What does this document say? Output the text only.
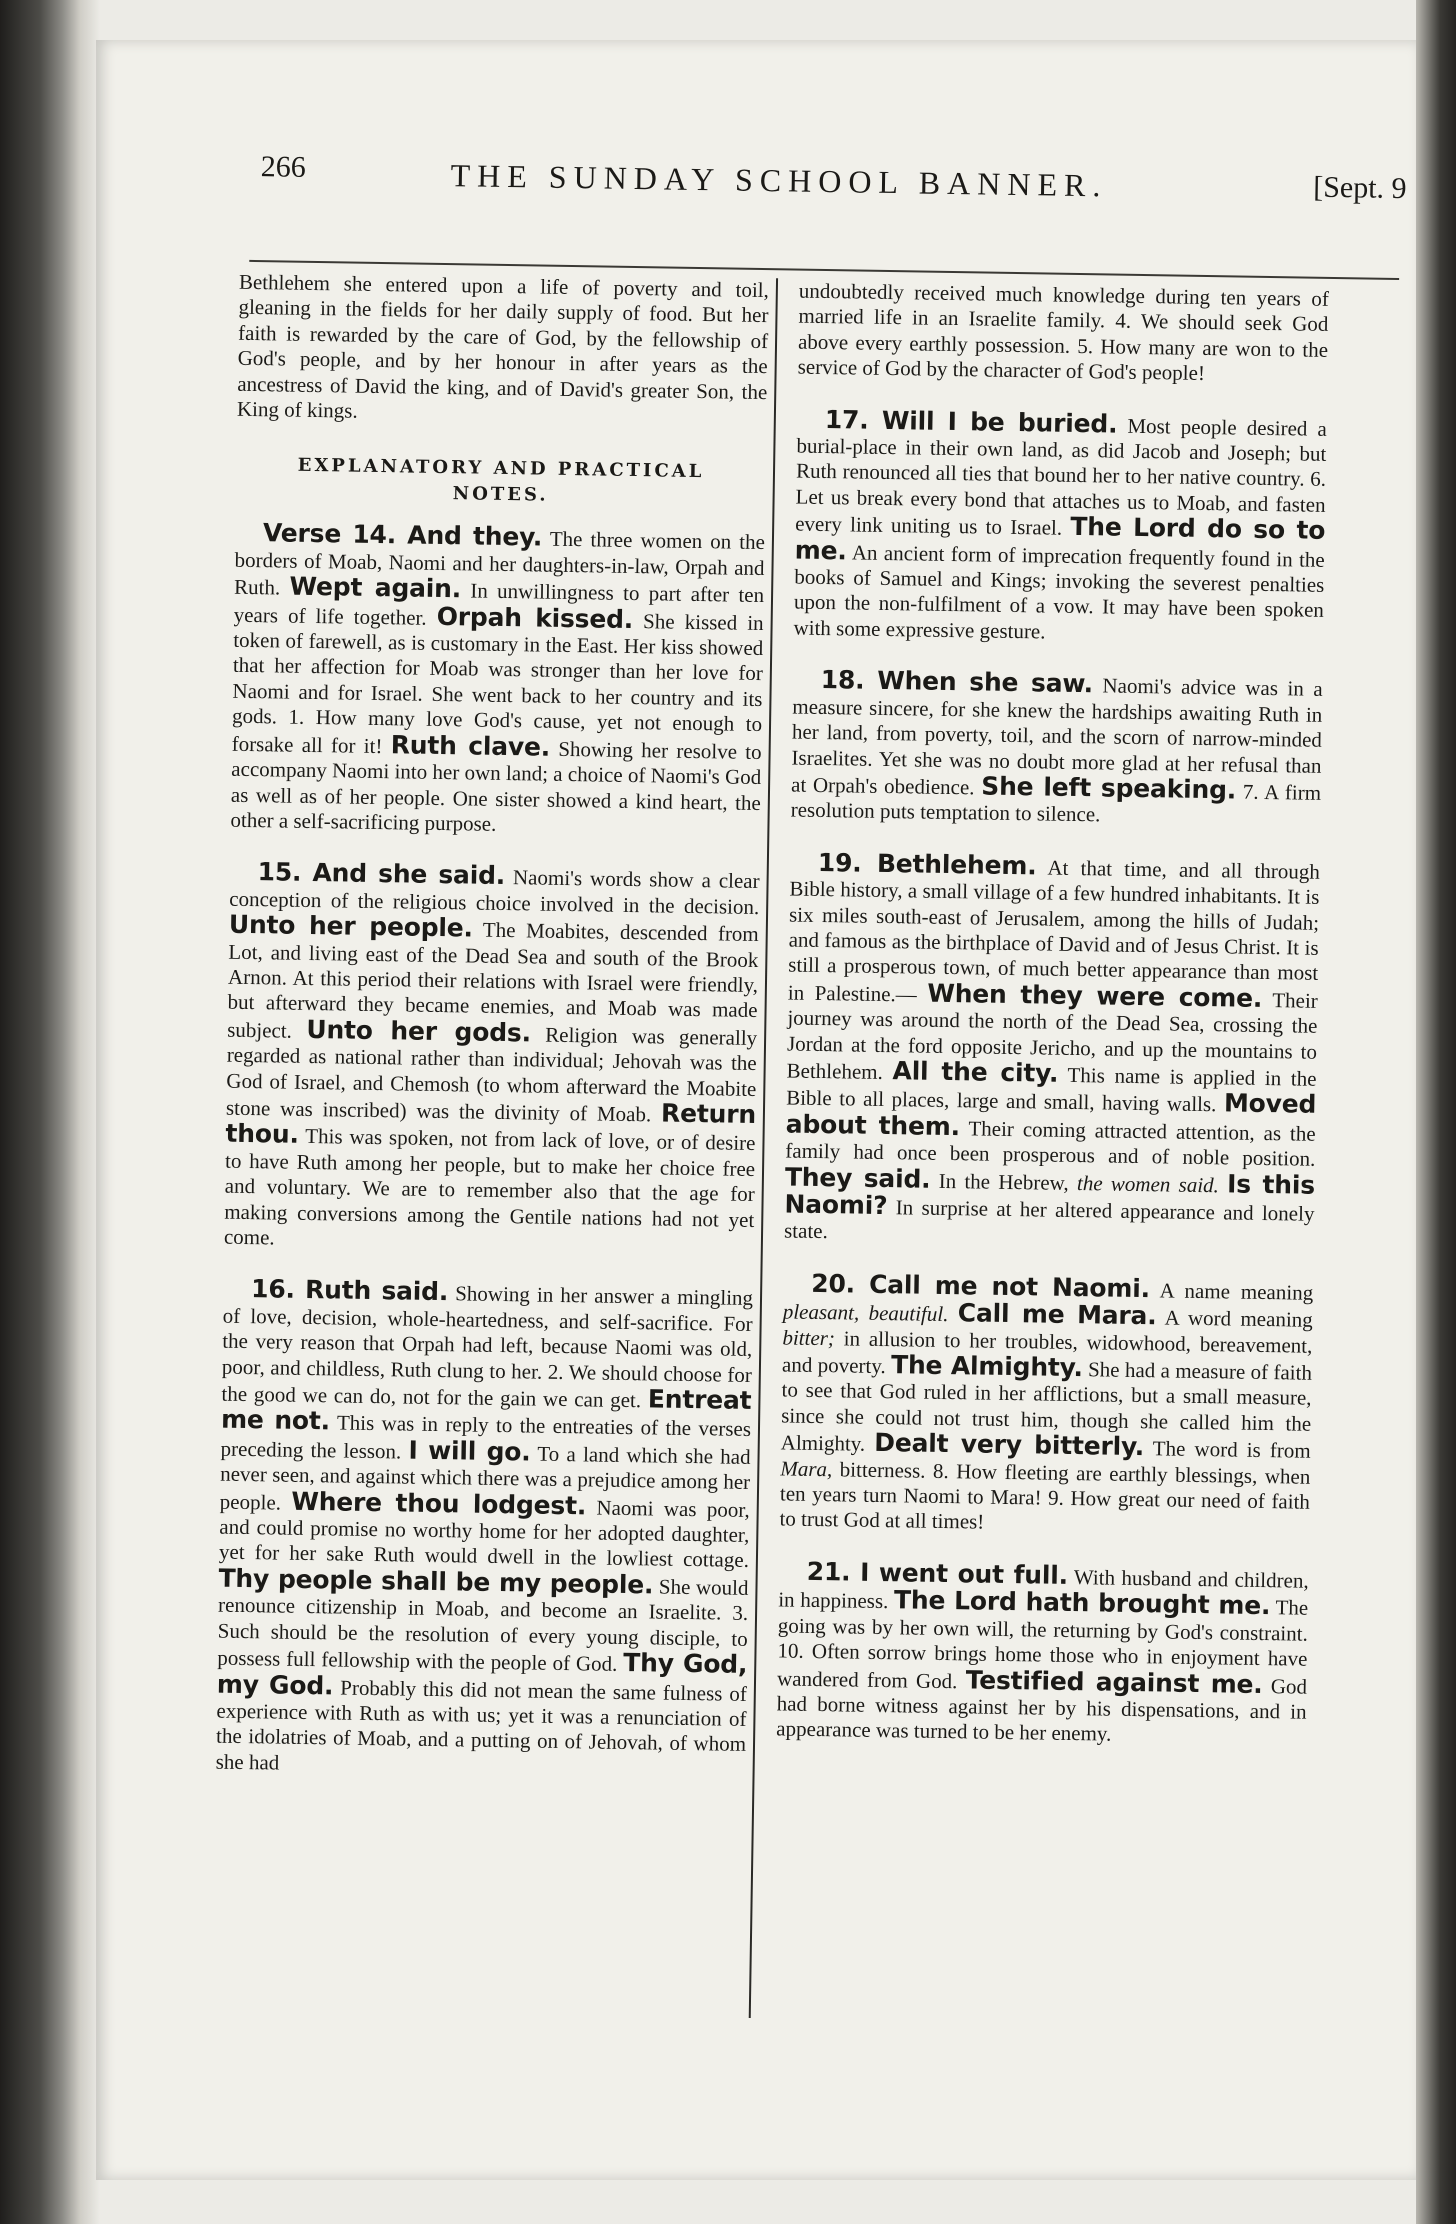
266	THE SUNDAY SCHOOL BANNER.	[Sept. 9

Bethlehem she entered upon a life of poverty and toil, gleaning in the fields for her daily supply of food. But her faith is rewarded by the care of God, by the fellowship of God's people, and by her honour in after years as the ancestress of David the king, and of David's greater Son, the King of kings.

EXPLANATORY AND PRACTICAL
NOTES.

Verse 14. And they. The three women on the borders of Moab, Naomi and her daughters-in-law, Orpah and Ruth. Wept again. In unwillingness to part after ten years of life together. Orpah kissed. She kissed in token of farewell, as is customary in the East. Her kiss showed that her affection for Moab was stronger than her love for Naomi and for Israel. She went back to her country and its gods. 1. How many love God's cause, yet not enough to forsake all for it! Ruth clave. Showing her resolve to accompany Naomi into her own land; a choice of Naomi's God as well as of her people. One sister showed a kind heart, the other a self-sacrificing purpose.

15. And she said. Naomi's words show a clear conception of the religious choice involved in the decision. Unto her people. The Moabites, descended from Lot, and living east of the Dead Sea and south of the Brook Arnon. At this period their relations with Israel were friendly, but afterward they became enemies, and Moab was made subject. Unto her gods. Religion was generally regarded as national rather than individual; Jehovah was the God of Israel, and Chemosh (to whom afterward the Moabite stone was inscribed) was the divinity of Moab. Return thou. This was spoken, not from lack of love, or of desire to have Ruth among her people, but to make her choice free and voluntary. We are to remember also that the age for making conversions among the Gentile nations had not yet come.

16. Ruth said. Showing in her answer a mingling of love, decision, whole-heartedness, and self-sacrifice. For the very reason that Orpah had left, because Naomi was old, poor, and childless, Ruth clung to her. 2. We should choose for the good we can do, not for the gain we can get. Entreat me not. This was in reply to the entreaties of the verses preceding the lesson. I will go. To a land which she had never seen, and against which there was a prejudice among her people. Where thou lodgest. Naomi was poor, and could promise no worthy home for her adopted daughter, yet for her sake Ruth would dwell in the lowliest cottage. Thy people shall be my people. She would renounce citizenship in Moab, and become an Israelite. 3. Such should be the resolution of every young disciple, to possess full fellowship with the people of God. Thy God, my God. Probably this did not mean the same fulness of experience with Ruth as with us; yet it was a renunciation of the idolatries of Moab, and a putting on of Jehovah, of whom she had

undoubtedly received much knowledge during ten years of married life in an Israelite family. 4. We should seek God above every earthly possession. 5. How many are won to the service of God by the character of God's people!

17. Will I be buried. Most people desired a burial-place in their own land, as did Jacob and Joseph; but Ruth renounced all ties that bound her to her native country. 6. Let us break every bond that attaches us to Moab, and fasten every link uniting us to Israel. The Lord do so to me. An ancient form of imprecation frequently found in the books of Samuel and Kings; invoking the severest penalties upon the non-fulfilment of a vow. It may have been spoken with some expressive gesture.

18. When she saw. Naomi's advice was in a measure sincere, for she knew the hardships awaiting Ruth in her land, from poverty, toil, and the scorn of narrow-minded Israelites. Yet she was no doubt more glad at her refusal than at Orpah's obedience. She left speaking. 7. A firm resolution puts temptation to silence.

19. Bethlehem. At that time, and all through Bible history, a small village of a few hundred inhabitants. It is six miles south-east of Jerusalem, among the hills of Judah; and famous as the birthplace of David and of Jesus Christ. It is still a prosperous town, of much better appearance than most in Palestine.— When they were come. Their journey was around the north of the Dead Sea, crossing the Jordan at the ford opposite Jericho, and up the mountains to Bethlehem. All the city. This name is applied in the Bible to all places, large and small, having walls. Moved about them. Their coming attracted attention, as the family had once been prosperous and of noble position. They said. In the Hebrew, the women said. Is this Naomi? In surprise at her altered appearance and lonely state.

20. Call me not Naomi. A name meaning pleasant, beautiful. Call me Mara. A word meaning bitter; in allusion to her troubles, widowhood, bereavement, and poverty. The Almighty. She had a measure of faith to see that God ruled in her afflictions, but a small measure, since she could not trust him, though she called him the Almighty. Dealt very bitterly. The word is from Mara, bitterness. 8. How fleeting are earthly blessings, when ten years turn Naomi to Mara! 9. How great our need of faith to trust God at all times!

21. I went out full. With husband and children, in happiness. The Lord hath brought me. The going was by her own will, the returning by God's constraint. 10. Often sorrow brings home those who in enjoyment have wandered from God. Testified against me. God had borne witness against her by his dispensations, and in appearance was turned to be her enemy.
